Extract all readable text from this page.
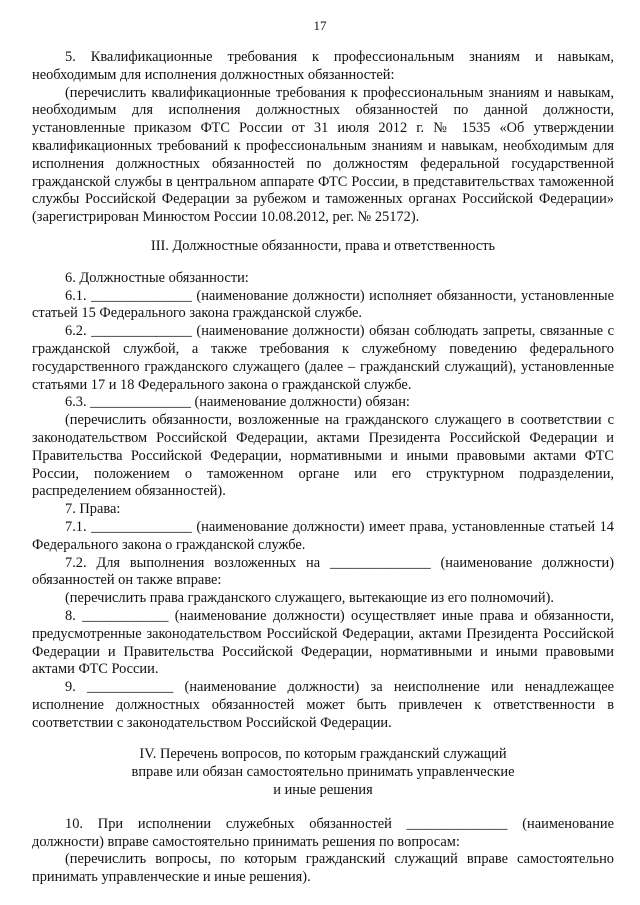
17

5. Квалификационные требования к профессиональным знаниям и навыкам, необходимым для исполнения должностных обязанностей:

(перечислить квалификационные требования к профессиональным знаниям и навыкам, необходимым для исполнения должностных обязанностей по данной должности, установленные приказом ФТС России от 31 июля 2012 г. № 1535 «Об утверждении квалификационных требований к профессиональным знаниям и навыкам, необходимым для исполнения должностных обязанностей по должностям федеральной государственной гражданской службы в центральном аппарате ФТС России, в представительствах таможенной службы Российской Федерации за рубежом и таможенных органах Российской Федерации» (зарегистрирован Минюстом России 10.08.2012, рег. № 25172).

III. Должностные обязанности, права и ответственность

6. Должностные обязанности:

6.1. ______________ (наименование должности) исполняет обязанности, установленные статьей 15 Федерального закона гражданской службе.

6.2. ______________ (наименование должности) обязан соблюдать запреты, связанные с гражданской службой, а также требования к служебному поведению федерального государственного гражданского служащего (далее – гражданский служащий), установленные статьями 17 и 18 Федерального закона о гражданской службе.

6.3. ______________ (наименование должности) обязан:

(перечислить обязанности, возложенные на гражданского служащего в соответствии с законодательством Российской Федерации, актами Президента Российской Федерации и Правительства Российской Федерации, нормативными и иными правовыми актами ФТС России, положением о таможенном органе или его структурном подразделении, распределением обязанностей).

7. Права:

7.1. ______________ (наименование должности) имеет права, установленные статьей 14 Федерального закона о гражданской службе.

7.2. Для выполнения возложенных на ______________ (наименование должности) обязанностей он также вправе:

(перечислить права гражданского служащего, вытекающие из его полномочий).

8. ____________ (наименование должности) осуществляет иные права и обязанности, предусмотренные законодательством Российской Федерации, актами Президента Российской Федерации и Правительства Российской Федерации, нормативными и иными правовыми актами ФТС России.

9. ____________ (наименование должности) за неисполнение или ненадлежащее исполнение должностных обязанностей может быть привлечен к ответственности в соответствии с законодательством Российской Федерации.

IV. Перечень вопросов, по которым гражданский служащий

вправе или обязан самостоятельно принимать управленческие

и иные решения

10. При исполнении служебных обязанностей ______________ (наименование должности) вправе самостоятельно принимать решения по вопросам:

(перечислить вопросы, по которым гражданский служащий вправе самостоятельно принимать управленческие и иные решения).
